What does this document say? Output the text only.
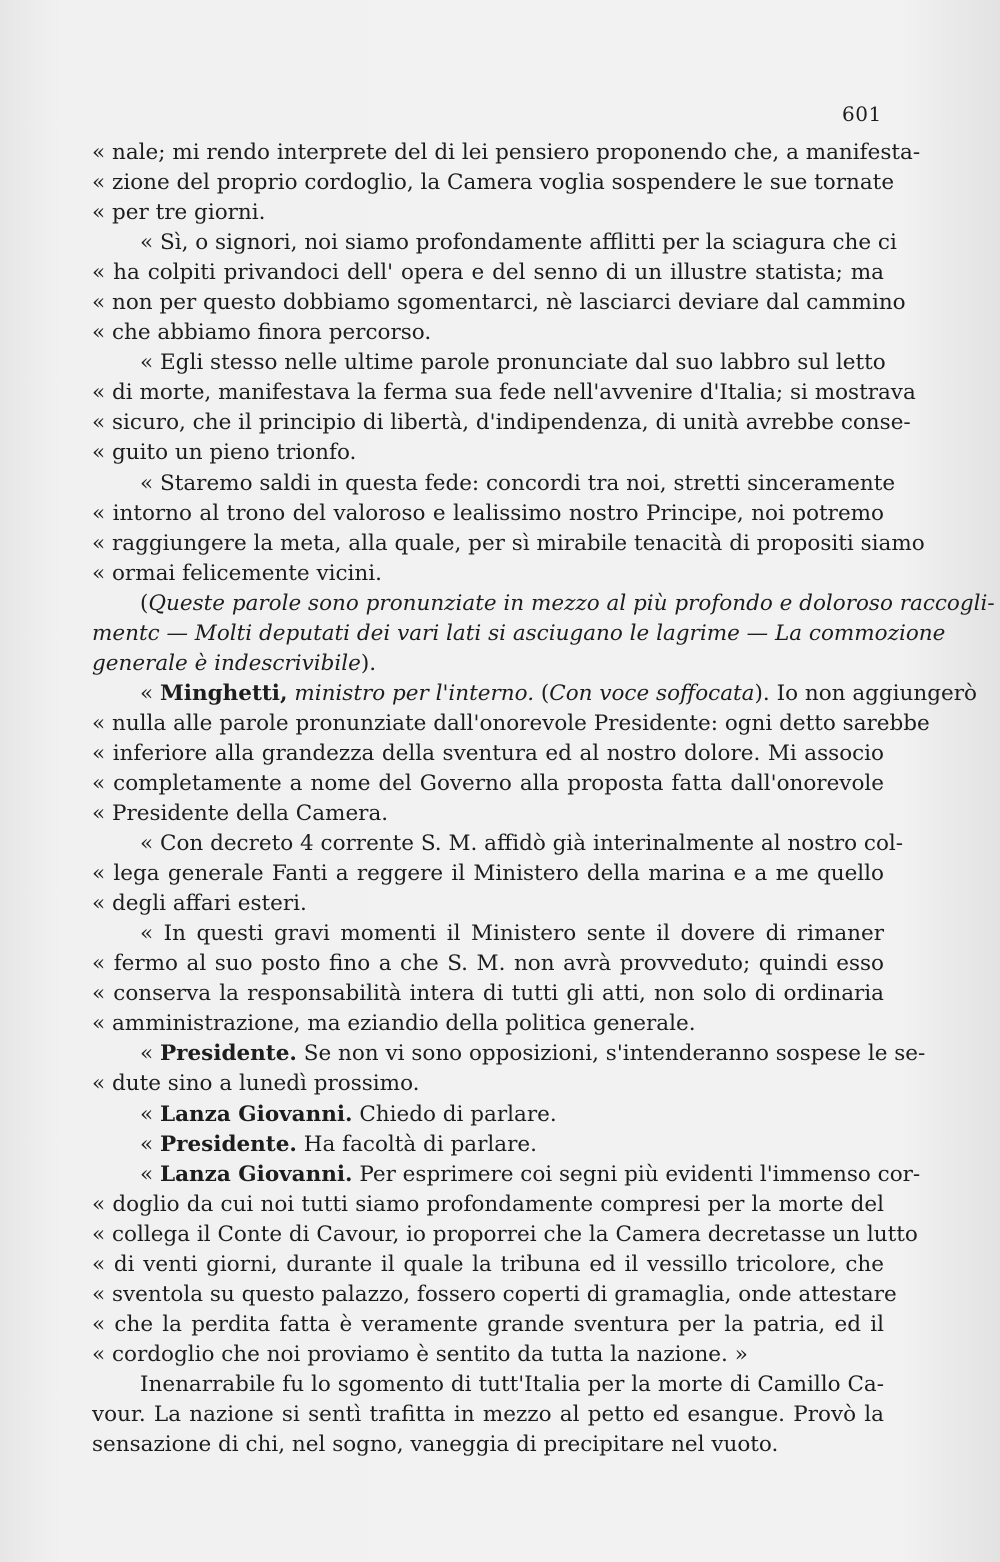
601
« nale; mi rendo interprete del di lei pensiero proponendo che, a manifesta-
« zione del proprio cordoglio, la Camera voglia sospendere le sue tornate
« per tre giorni.
« Sì, o signori, noi siamo profondamente afflitti per la sciagura che ci
« ha colpiti privandoci dell' opera e del senno di un illustre statista; ma
« non per questo dobbiamo sgomentarci, nè lasciarci deviare dal cammino
« che abbiamo finora percorso.
« Egli stesso nelle ultime parole pronunciate dal suo labbro sul letto
« di morte, manifestava la ferma sua fede nell'avvenire d'Italia; si mostrava
« sicuro, che il principio di libertà, d'indipendenza, di unità avrebbe conse-
« guito un pieno trionfo.
« Staremo saldi in questa fede: concordi tra noi, stretti sinceramente
« intorno al trono del valoroso e lealissimo nostro Principe, noi potremo
« raggiungere la meta, alla quale, per sì mirabile tenacità di propositi siamo
« ormai felicemente vicini.
(Queste parole sono pronunziate in mezzo al più profondo e doloroso raccogli-
mentc — Molti deputati dei vari lati si asciugano le lagrime — La commozione
generale è indescrivibile).
« Minghetti, ministro per l'interno. (Con voce soffocata). Io non aggiungerò
« nulla alle parole pronunziate dall'onorevole Presidente: ogni detto sarebbe
« inferiore alla grandezza della sventura ed al nostro dolore. Mi associo
« completamente a nome del Governo alla proposta fatta dall'onorevole
« Presidente della Camera.
« Con decreto 4 corrente S. M. affidò già interinalmente al nostro col-
« lega generale Fanti a reggere il Ministero della marina e a me quello
« degli affari esteri.
« In questi gravi momenti il Ministero sente il dovere di rimaner
« fermo al suo posto fino a che S. M. non avrà provveduto; quindi esso
« conserva la responsabilità intera di tutti gli atti, non solo di ordinaria
« amministrazione, ma eziandio della politica generale.
« Presidente. Se non vi sono opposizioni, s'intenderanno sospese le se-
« dute sino a lunedì prossimo.
« Lanza Giovanni. Chiedo di parlare.
« Presidente. Ha facoltà di parlare.
« Lanza Giovanni. Per esprimere coi segni più evidenti l'immenso cor-
« doglio da cui noi tutti siamo profondamente compresi per la morte del
« collega il Conte di Cavour, io proporrei che la Camera decretasse un lutto
« di venti giorni, durante il quale la tribuna ed il vessillo tricolore, che
« sventola su questo palazzo, fossero coperti di gramaglia, onde attestare
« che la perdita fatta è veramente grande sventura per la patria, ed il
« cordoglio che noi proviamo è sentito da tutta la nazione. »
Inenarrabile fu lo sgomento di tutt'Italia per la morte di Camillo Ca-
vour. La nazione si sentì trafitta in mezzo al petto ed esangue. Provò la
sensazione di chi, nel sogno, vaneggia di precipitare nel vuoto.
